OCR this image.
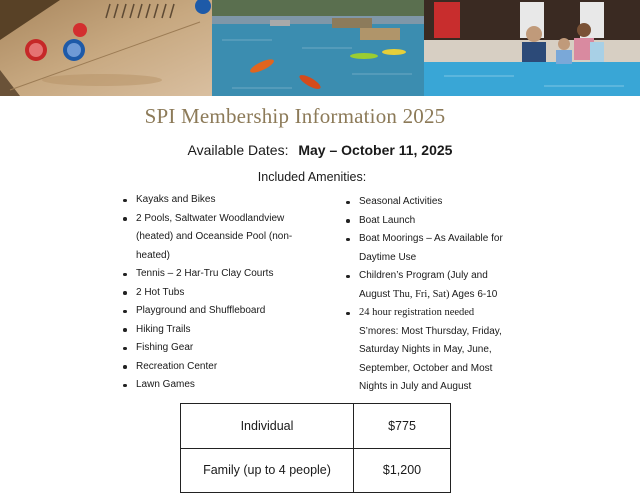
SPI Membership Information 2025
Available Dates: May – October 11, 2025
Included Amenities:
Kayaks and Bikes
2 Pools, Saltwater Woodlandview (heated) and Oceanside Pool (non-heated)
Tennis – 2 Har-Tru Clay Courts
2 Hot Tubs
Playground and Shuffleboard
Hiking Trails
Fishing Gear
Recreation Center
Lawn Games
Seasonal Activities
Boat Launch
Boat Moorings – As Available for Daytime Use
Children’s Program (July and August Thu, Fri, Sat) Ages 6-10
24 hour registration needed
S’mores: Most Thursday, Friday, Saturday Nights in May, June, September, October and Most Nights in July and August
Individual	$775
Family (up to 4 people)	$1,200
